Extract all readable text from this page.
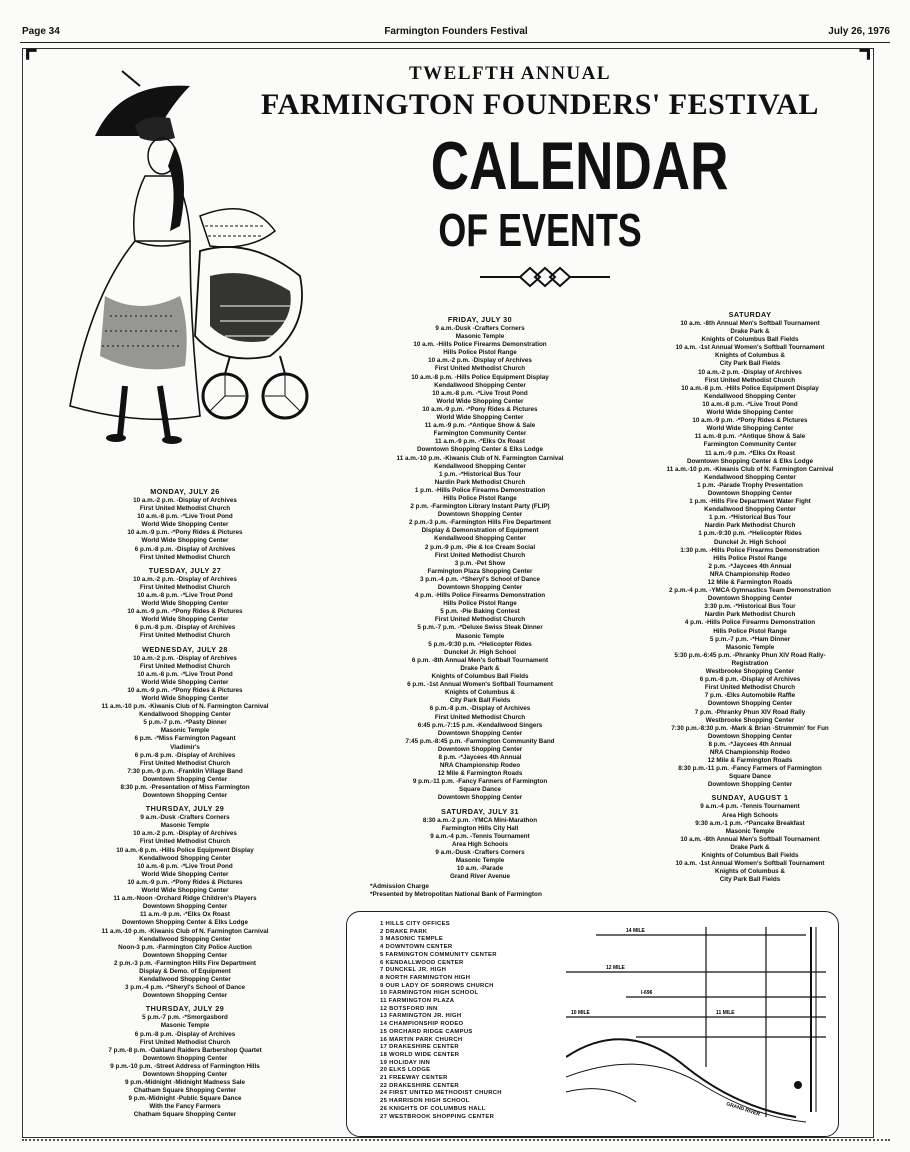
Page 34	Farmington Founders Festival	July 26, 1976
⌜	⌝
TWELFTH ANNUAL
FARMINGTON FOUNDERS' FESTIVAL
CALENDAR
OF EVENTS
MONDAY, JULY 26
10 a.m.-2 p.m. -Display of Archives
First United Methodist Church
10 a.m.-8 p.m. -*Live Trout Pond
World Wide Shopping Center
10 a.m.-9 p.m. -*Pony Rides & Pictures
World Wide Shopping Center
6 p.m.-8 p.m. -Display of Archives
First United Methodist Church
TUESDAY, JULY 27
10 a.m.-2 p.m. -Display of Archives
First United Methodist Church
10 a.m.-8 p.m. -*Live Trout Pond
World Wide Shopping Center
10 a.m.-9 p.m. -*Pony Rides & Pictures
World Wide Shopping Center
6 p.m.-8 p.m. -Display of Archives
First United Methodist Church
WEDNESDAY, JULY 28
10 a.m.-2 p.m. -Display of Archives
First United Methodist Church
10 a.m.-8 p.m. -*Live Trout Pond
World Wide Shopping Center
10 a.m.-9 p.m. -*Pony Rides & Pictures
World Wide Shopping Center
11 a.m.-10 p.m. -Kiwanis Club of N. Farmington Carnival
Kendallwood Shopping Center
5 p.m.-7 p.m. -*Pasty Dinner
Masonic Temple
6 p.m. -*Miss Farmington Pageant
Vladimir's
6 p.m.-8 p.m. -Display of Archives
First United Methodist Church
7:30 p.m.-9 p.m. -Franklin Village Band
Downtown Shopping Center
8:30 p.m. -Presentation of Miss Farmington
Downtown Shopping Center
THURSDAY, JULY 29
9 a.m.-Dusk -Crafters Corners
Masonic Temple
10 a.m.-2 p.m. -Display of Archives
First United Methodist Church
10 a.m.-8 p.m. -Hills Police Equipment Display
Kendallwood Shopping Center
10 a.m.-8 p.m. -*Live Trout Pond
World Wide Shopping Center
10 a.m.-9 p.m. -*Pony Rides & Pictures
World Wide Shopping Center
11 a.m.-Noon -Orchard Ridge Children's Players
Downtown Shopping Center
11 a.m.-9 p.m. -*Elks Ox Roast
Downtown Shopping Center & Elks Lodge
11 a.m.-10 p.m. -Kiwanis Club of N. Farmington Carnival
Kendallwood Shopping Center
Noon-3 p.m. -Farmington City Police Auction
Downtown Shopping Center
2 p.m.-3 p.m. -Farmington Hills Fire Department
Display & Demo. of Equipment
Kendallwood Shopping Center
3 p.m.-4 p.m. -*Sheryl's School of Dance
Downtown Shopping Center
THURSDAY, JULY 29
5 p.m.-7 p.m. -*Smorgasbord
Masonic Temple
6 p.m.-8 p.m. -Display of Archives
First United Methodist Church
7 p.m.-8 p.m. -Oakland Raiders Barbershop Quartet
Downtown Shopping Center
9 p.m.-10 p.m. -Street Address of Farmington Hills
Downtown Shopping Center
9 p.m.-Midnight -Midnight Madness Sale
Chatham Square Shopping Center
9 p.m.-Midnight -Public Square Dance
With the Fancy Farmers
Chatham Square Shopping Center
FRIDAY, JULY 30
9 a.m.-Dusk -Crafters Corners
Masonic Temple
10 a.m. -Hills Police Firearms Demonstration
Hills Police Pistol Range
10 a.m.-2 p.m. -Display of Archives
First United Methodist Church
10 a.m.-8 p.m. -Hills Police Equipment Display
Kendallwood Shopping Center
10 a.m.-8 p.m. -*Live Trout Pond
World Wide Shopping Center
10 a.m.-9 p.m. -*Pony Rides & Pictures
World Wide Shopping Center
11 a.m.-9 p.m. -*Antique Show & Sale
Farmington Community Center
11 a.m.-9 p.m. -*Elks Ox Roast
Downtown Shopping Center & Elks Lodge
11 a.m.-10 p.m. -Kiwanis Club of N. Farmington Carnival
Kendallwood Shopping Center
1 p.m. -*Historical Bus Tour
Nardin Park Methodist Church
1 p.m. -Hills Police Firearms Demonstration
Hills Police Pistol Range
2 p.m. -Farmington Library Instant Party (FLIP)
Downtown Shopping Center
2 p.m.-3 p.m. -Farmington Hills Fire Department
Display & Demonstration of Equipment
Kendallwood Shopping Center
2 p.m.-9 p.m. -Pie & Ice Cream Social
First United Methodist Church
3 p.m. -Pet Show
Farmington Plaza Shopping Center
3 p.m.-4 p.m. -*Sheryl's School of Dance
Downtown Shopping Center
4 p.m. -Hills Police Firearms Demonstration
Hills Police Pistol Range
5 p.m. -Pie Baking Contest
First United Methodist Church
5 p.m.-7 p.m. -*Deluxe Swiss Steak Dinner
Masonic Temple
5 p.m.-9:30 p.m. -*Helicopter Rides
Dunckel Jr. High School
6 p.m. -8th Annual Men's Softball Tournament
Drake Park &
Knights of Columbus Ball Fields
6 p.m. -1st Annual Women's Softball Tournament
Knights of Columbus &
City Park Ball Fields
6 p.m.-8 p.m. -Display of Archives
First United Methodist Church
6:45 p.m.-7:15 p.m. -Kendallwood Singers
Downtown Shopping Center
7:45 p.m.-8:45 p.m. -Farmington Community Band
Downtown Shopping Center
8 p.m. -*Jaycees 4th Annual
NRA Championship Rodeo
12 Mile & Farmington Roads
9 p.m.-11 p.m. -Fancy Farmers of Farmington
Square Dance
Downtown Shopping Center
SATURDAY, JULY 31
8:30 a.m.-2 p.m. -YMCA Mini-Marathon
Farmington Hills City Hall
9 a.m.-4 p.m. -Tennis Tournament
Area High Schools
9 a.m.-Dusk -Crafters Corners
Masonic Temple
10 a.m. -Parade
Grand River Avenue
SATURDAY
10 a.m. -8th Annual Men's Softball Tournament
Drake Park &
Knights of Columbus Ball Fields
10 a.m. -1st Annual Women's Softball Tournament
Knights of Columbus &
City Park Ball Fields
10 a.m.-2 p.m. -Display of Archives
First United Methodist Church
10 a.m.-8 p.m. -Hills Police Equipment Display
Kendallwood Shopping Center
10 a.m.-8 p.m. -*Live Trout Pond
World Wide Shopping Center
10 a.m.-9 p.m. -*Pony Rides & Pictures
World Wide Shopping Center
11 a.m.-8 p.m. -*Antique Show & Sale
Farmington Community Center
11 a.m.-9 p.m. -*Elks Ox Roast
Downtown Shopping Center & Elks Lodge
11 a.m.-10 p.m. -Kiwanis Club of N. Farmington Carnival
Kendallwood Shopping Center
1 p.m. -Parade Trophy Presentation
Downtown Shopping Center
1 p.m. -Hills Fire Department Water Fight
Kendallwood Shopping Center
1 p.m. -*Historical Bus Tour
Nardin Park Methodist Church
1 p.m.-9:30 p.m. -*Helicopter Rides
Dunckel Jr. High School
1:30 p.m. -Hills Police Firearms Demonstration
Hills Police Pistol Range
2 p.m. -*Jaycees 4th Annual
NRA Championship Rodeo
12 Mile & Farmington Roads
2 p.m.-4 p.m. -YMCA Gymnastics Team Demonstration
Downtown Shopping Center
3:30 p.m. -*Historical Bus Tour
Nardin Park Methodist Church
4 p.m. -Hills Police Firearms Demonstration
Hills Police Pistol Range
5 p.m.-7 p.m. -*Ham Dinner
Masonic Temple
5:30 p.m.-6:45 p.m. -Phranky Phun XIV Road Rally-
Registration
Westbrooke Shopping Center
6 p.m.-8 p.m. -Display of Archives
First United Methodist Church
7 p.m. -Elks Automobile Raffle
Downtown Shopping Center
7 p.m. -Phranky Phun XIV Road Rally
Westbrooke Shopping Center
7:30 p.m.-8:30 p.m. -Mark & Brian -Strummin' for Fun
Downtown Shopping Center
8 p.m. -*Jaycees 4th Annual
NRA Championship Rodeo
12 Mile & Farmington Roads
8:30 p.m.-11 p.m. -Fancy Farmers of Farmington
Square Dance
Downtown Shopping Center
SUNDAY, AUGUST 1
9 a.m.-4 p.m. -Tennis Tournament
Area High Schools
9:30 a.m.-1 p.m. -*Pancake Breakfast
Masonic Temple
10 a.m. -8th Annual Men's Softball Tournament
Drake Park &
Knights of Columbus Ball Fields
10 a.m. -1st Annual Women's Softball Tournament
Knights of Columbus &
City Park Ball Fields
*Admission Charge
*Presented by Metropolitan National Bank of Farmington
1 HILLS CITY OFFICES
2 DRAKE PARK
3 MASONIC TEMPLE
4 DOWNTOWN CENTER
5 FARMINGTON COMMUNITY CENTER
6 KENDALLWOOD CENTER
7 DUNCKEL JR. HIGH
8 NORTH FARMINGTON HIGH
9 OUR LADY OF SORROWS CHURCH
10 FARMINGTON HIGH SCHOOL
11 FARMINGTON PLAZA
12 BOTSFORD INN
13 FARMINGTON JR. HIGH
14 CHAMPIONSHIP RODEO
15 ORCHARD RIDGE CAMPUS
16 MARTIN PARK CHURCH
17 DRAKESHIRE CENTER
18 WORLD WIDE CENTER
19 HOLIDAY INN
20 ELKS LODGE
21 FREEWAY CENTER
22 DRAKESHIRE CENTER
24 FIRST UNITED METHODIST CHURCH
25 HARRISON HIGH SCHOOL
26 KNIGHTS OF COLUMBUS HALL
27 WESTBROOK SHOPPING CENTER
14 MILE
12 MILE
I-696
11 MILE
10 MILE
GRAND RIVER
